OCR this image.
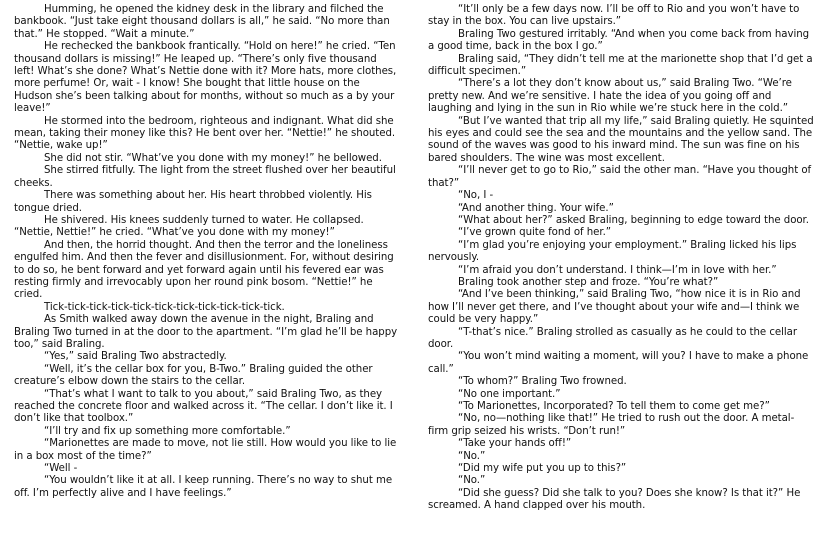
Humming, he opened the kidney desk in the library and filched the bankbook. “Just take eight thousand dollars is all,” he said. “No more than that.” He stopped. “Wait a minute.”

He rechecked the bankbook frantically. “Hold on here!” he cried. “Ten thousand dollars is missing!” He leaped up. “There’s only five thousand left! What’s she done? What’s Nettie done with it? More hats, more clothes, more perfume! Or, wait - I know! She bought that little house on the Hudson she’s been talking about for months, without so much as a by your leave!”

He stormed into the bedroom, righteous and indignant. What did she mean, taking their money like this? He bent over her. “Nettie!” he shouted. “Nettie, wake up!”

She did not stir. “What’ve you done with my money!” he bellowed.

She stirred fitfully. The light from the street flushed over her beautiful

cheeks.

There was something about her. His heart throbbed violently. His tongue dried.

He shivered. His knees suddenly turned to water. He collapsed. “Nettie, Nettie!” he cried. “What’ve you done with my money!”

And then, the horrid thought. And then the terror and the loneliness engulfed him. And then the fever and disillusionment. For, without desiring to do so, he bent forward and yet forward again until his fevered ear was resting firmly and irrevocably upon her round pink bosom. “Nettie!” he cried.

Tick-tick-tick-tick-tick-tick-tick-tick-tick-tick-tick.

As Smith walked away down the avenue in the night, Braling and Braling Two turned in at the door to the apartment. “I’m glad he’ll be happy too,” said Braling.

“Yes,” said Braling Two abstractedly.

“Well, it’s the cellar box for you, B-Two.” Braling guided the other creature’s elbow down the stairs to the cellar.

“That’s what I want to talk to you about,” said Braling Two, as they reached the concrete floor and walked across it. “The cellar. I don’t like it. I don’t like that toolbox.”

“I’ll try and fix up something more comfortable.”

“Marionettes are made to move, not lie still. How would you like to lie in a box most of the time?”

“Well -

“You wouldn’t like it at all. I keep running. There’s no way to shut me off. I’m perfectly alive and I have feelings.”

“It’ll only be a few days now. I’ll be off to Rio and you won’t have to stay in the box. You can live upstairs.”

Braling Two gestured irritably. “And when you come back from having a good time, back in the box I go.”

Braling said, “They didn’t tell me at the marionette shop that I’d get a difficult specimen.”

“There’s a lot they don’t know about us,” said Braling Two. “We’re pretty new. And we’re sensitive. I hate the idea of you going off and laughing and lying in the sun in Rio while we’re stuck here in the cold.”

“But I’ve wanted that trip all my life,” said Braling quietly. He squinted his eyes and could see the sea and the mountains and the yellow sand. The sound of the waves was good to his inward mind. The sun was fine on his bared shoulders. The wine was most excellent.

“I’ll never get to go to Rio,” said the other man. “Have you thought of that?”

“No, I -

“And another thing. Your wife.”

“What about her?” asked Braling, beginning to edge toward the door.

“I’ve grown quite fond of her.”

“I’m glad you’re enjoying your employment.” Braling licked his lips nervously.

“I’m afraid you don’t understand. I think—I’m in love with her.”

Braling took another step and froze. “You’re what?”

“And I’ve been thinking,” said Braling Two, “how nice it is in Rio and how I’ll never get there, and I’ve thought about your wife and—I think we could be very happy.”

“T-that’s nice.” Braling strolled as casually as he could to the cellar door.

“You won’t mind waiting a moment, will you? I have to make a phone call.”

“To whom?” Braling Two frowned.

“No one important.”

“To Marionettes, Incorporated? To tell them to come get me?”

“No, no—nothing like that!” He tried to rush out the door. A metal-firm grip seized his wrists. “Don’t run!”

“Take your hands off!”

“No.”

“Did my wife put you up to this?”

“No.”

“Did she guess? Did she talk to you? Does she know? Is that it?” He screamed. A hand clapped over his mouth.
